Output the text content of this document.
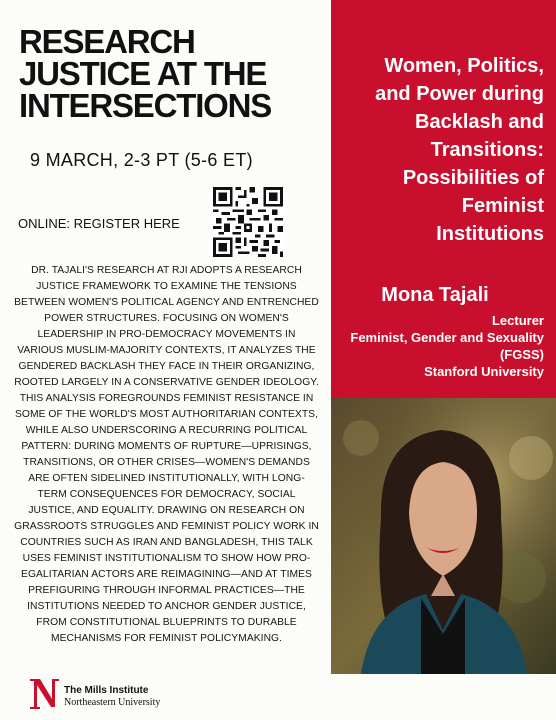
RESEARCH
JUSTICE AT THE
INTERSECTIONS
9 MARCH, 2-3 PT (5-6 ET)
ONLINE: REGISTER HERE
DR. TAJALI'S RESEARCH AT RJI ADOPTS A RESEARCH JUSTICE FRAMEWORK TO EXAMINE THE TENSIONS BETWEEN WOMEN'S POLITICAL AGENCY AND ENTRENCHED POWER STRUCTURES. FOCUSING ON WOMEN'S LEADERSHIP IN PRO-DEMOCRACY MOVEMENTS IN VARIOUS MUSLIM-MAJORITY CONTEXTS, IT ANALYZES THE GENDERED BACKLASH THEY FACE IN THEIR ORGANIZING, ROOTED LARGELY IN A CONSERVATIVE GENDER IDEOLOGY. THIS ANALYSIS FOREGROUNDS FEMINIST RESISTANCE IN SOME OF THE WORLD'S MOST AUTHORITARIAN CONTEXTS, WHILE ALSO UNDERSCORING A RECURRING POLITICAL PATTERN: DURING MOMENTS OF RUPTURE—UPRISINGS, TRANSITIONS, OR OTHER CRISES—WOMEN'S DEMANDS ARE OFTEN SIDELINED INSTITUTIONALLY, WITH LONG-TERM CONSEQUENCES FOR DEMOCRACY, SOCIAL JUSTICE, AND EQUALITY. DRAWING ON RESEARCH ON GRASSROOTS STRUGGLES AND FEMINIST POLICY WORK IN COUNTRIES SUCH AS IRAN AND BANGLADESH, THIS TALK USES FEMINIST INSTITUTIONALISM TO SHOW HOW PRO-EGALITARIAN ACTORS ARE REIMAGINING—AND AT TIMES PREFIGURING THROUGH INFORMAL PRACTICES—THE INSTITUTIONS NEEDED TO ANCHOR GENDER JUSTICE, FROM CONSTITUTIONAL BLUEPRINTS TO DURABLE MECHANISMS FOR FEMINIST POLICYMAKING.
The Mills Institute
Northeastern University
Women, Politics,
and Power during
Backlash and
Transitions:
Possibilities of
Feminist
Institutions
Mona Tajali
Lecturer
Feminist, Gender and Sexuality (FGSS)
Stanford University
